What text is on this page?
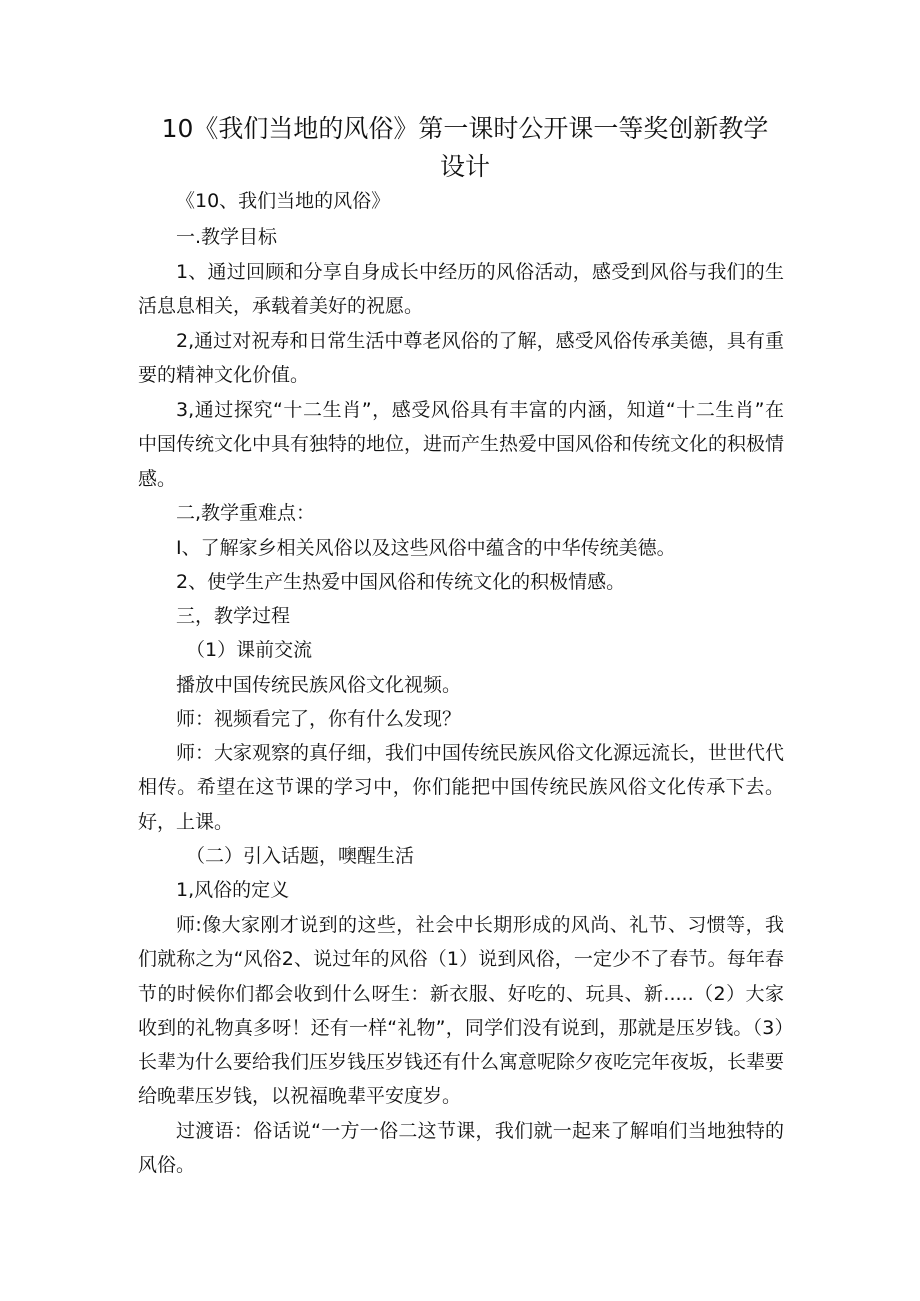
10《我们当地的风俗》第一课时公开课一等奖创新教学
设计

《10、我们当地的风俗》

一.教学目标

1、通过回顾和分享自身成长中经历的风俗活动，感受到风俗与我们的生活息息相关，承载着美好的祝愿。

2,通过对祝寿和日常生活中尊老风俗的了解，感受风俗传承美德，具有重要的精神文化价值。

3,通过探究“十二生肖”，感受风俗具有丰富的内涵，知道“十二生肖”在中国传统文化中具有独特的地位，进而产生热爱中国风俗和传统文化的积极情感。

二,教学重难点：

I、了解家乡相关风俗以及这些风俗中蕴含的中华传统美德。

2、使学生产生热爱中国风俗和传统文化的积极情感。

三，教学过程

（1）课前交流

播放中国传统民族风俗文化视频。

师：视频看完了，你有什么发现？

师：大家观察的真仔细，我们中国传统民族风俗文化源远流长，世世代代相传。希望在这节课的学习中，你们能把中国传统民族风俗文化传承下去。好，上课。

（二）引入话题，噢醒生活

1,风俗的定义

师:像大家刚才说到的这些，社会中长期形成的风尚、礼节、习惯等，我们就称之为“风俗2、说过年的风俗（1）说到风俗，一定少不了春节。每年春节的时候你们都会收到什么呀生：新衣服、好吃的、玩具、新.....（2）大家收到的礼物真多呀！还有一样“礼物”，同学们没有说到，那就是压岁钱。（3）长辈为什么要给我们压岁钱压岁钱还有什么寓意呢除夕夜吃完年夜坂，长辈要给晚辈压岁钱，以祝福晚辈平安度岁。

过渡语：俗话说“一方一俗二这节课，我们就一起来了解咱们当地独特的风俗。
